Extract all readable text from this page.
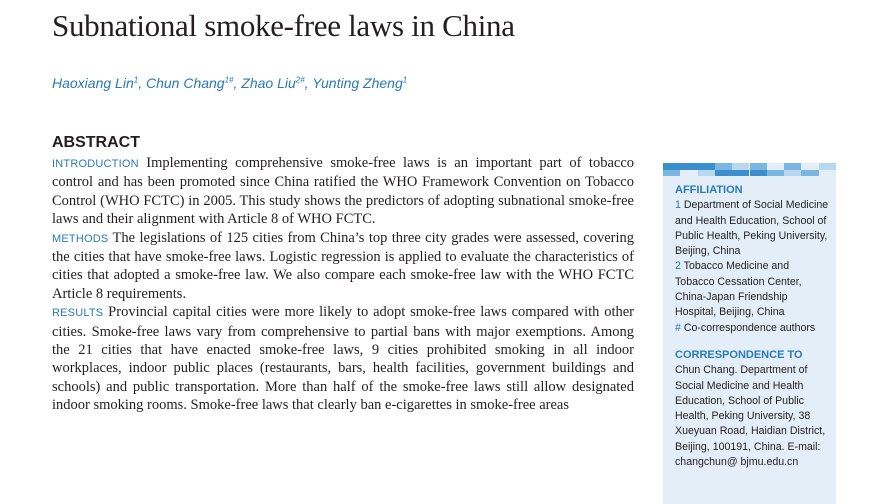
Subnational smoke-free laws in China
Haoxiang Lin$^1$, Chun Chang$^{1\#}$, Zhao Liu$^{2\#}$, Yunting Zheng$^1$
ABSTRACT

INTRODUCTION Implementing comprehensive smoke-free laws is an important part of tobacco control and has been promoted since China ratified the WHO Framework Convention on Tobacco Control (WHO FCTC) in 2005. This study shows the predictors of adopting subnational smoke-free laws and their alignment with Article 8 of WHO FCTC.

METHODS The legislations of 125 cities from China’s top three city grades were assessed, covering the cities that have smoke-free laws. Logistic regression is applied to evaluate the characteristics of cities that adopted a smoke-free law. We also compare each smoke-free law with the WHO FCTC Article 8 requirements.

RESULTS Provincial capital cities were more likely to adopt smoke-free laws compared with other cities. Smoke-free laws vary from comprehensive to partial bans with major exemptions. Among the 21 cities that have enacted smoke-free laws, 9 cities prohibited smoking in all indoor workplaces, indoor public places (restaurants, bars, health facilities, government buildings and schools) and public transportation. More than half of the smoke-free laws still allow designated indoor smoking rooms. Smoke-free laws that clearly ban e-cigarettes in smoke-free areas

AFFILIATION

1 Department of Social Medicine and Health Education, School of Public Health, Peking University, Beijing, China

2 Tobacco Medicine and Tobacco Cessation Center, China-Japan Friendship Hospital, Beijing, China

# Co-correspondence authors

CORRESPONDENCE TO

Chun Chang. Department of Social Medicine and Health Education, School of Public Health, Peking University, 38 Xueyuan Road, Haidian District, Beijing, 100191, China. E-mail: changchun@ bjmu.edu.cn
